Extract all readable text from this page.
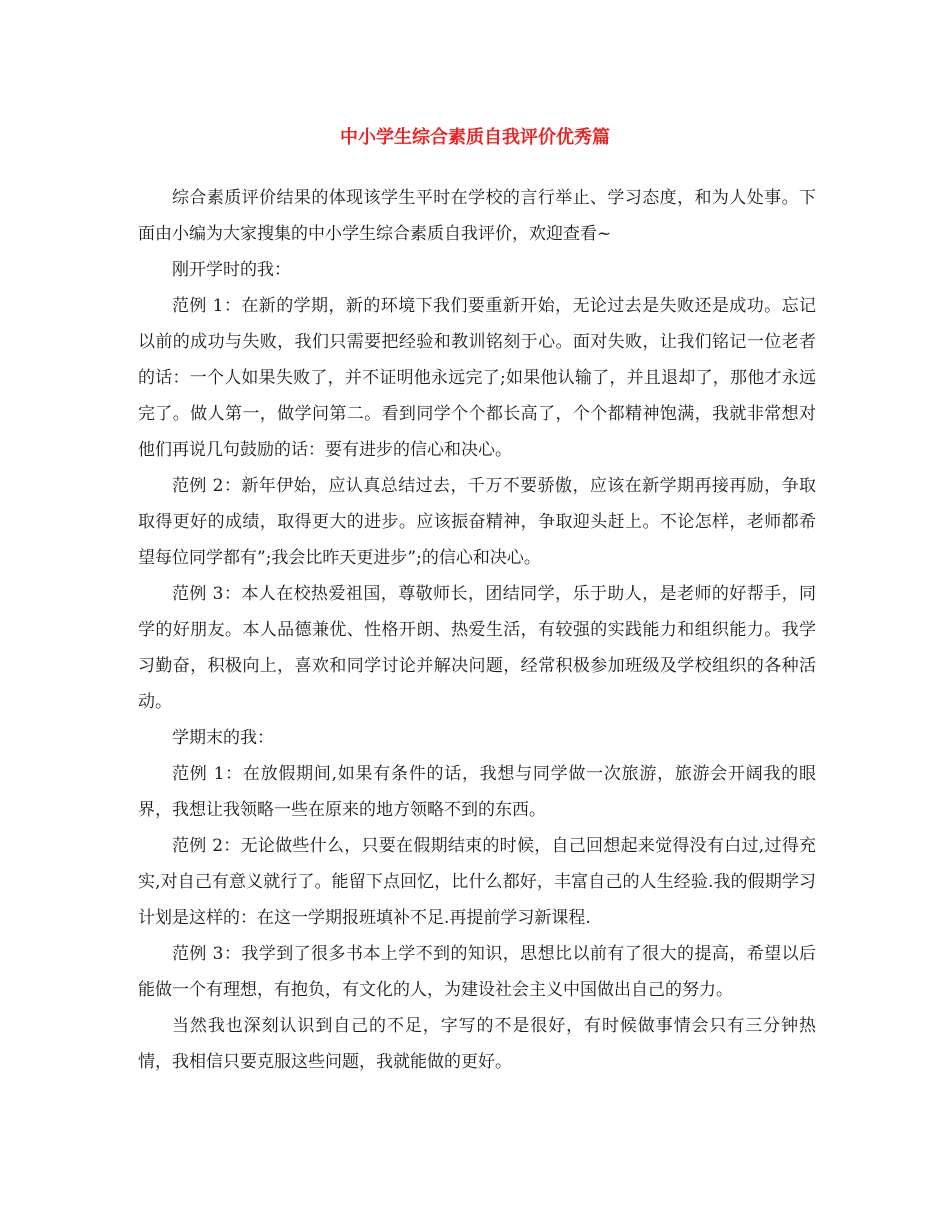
中小学生综合素质自我评价优秀篇

综合素质评价结果的体现该学生平时在学校的言行举止、学习态度，和为人处事。下面由小编为大家搜集的中小学生综合素质自我评价，欢迎查看~

刚开学时的我：

范例 1：在新的学期，新的环境下我们要重新开始，无论过去是失败还是成功。忘记以前的成功与失败，我们只需要把经验和教训铭刻于心。面对失败，让我们铭记一位老者的话：一个人如果失败了，并不证明他永远完了;如果他认输了，并且退却了，那他才永远完了。做人第一，做学问第二。看到同学个个都长高了，个个都精神饱满，我就非常想对他们再说几句鼓励的话：要有进步的信心和决心。

范例 2：新年伊始，应认真总结过去，千万不要骄傲，应该在新学期再接再励，争取取得更好的成绩，取得更大的进步。应该振奋精神，争取迎头赶上。不论怎样，老师都希望每位同学都有”;我会比昨天更进步”;的信心和决心。

范例 3：本人在校热爱祖国，尊敬师长，团结同学，乐于助人，是老师的好帮手，同学的好朋友。本人品德兼优、性格开朗、热爱生活，有较强的实践能力和组织能力。我学习勤奋，积极向上，喜欢和同学讨论并解决问题，经常积极参加班级及学校组织的各种活动。

学期末的我：

范例 1：在放假期间,如果有条件的话，我想与同学做一次旅游，旅游会开阔我的眼界，我想让我领略一些在原来的地方领略不到的东西。

范例 2：无论做些什么，只要在假期结束的时候，自己回想起来觉得没有白过,过得充实,对自己有意义就行了。能留下点回忆，比什么都好，丰富自己的人生经验.我的假期学习计划是这样的：在这一学期报班填补不足.再提前学习新课程.

范例 3：我学到了很多书本上学不到的知识，思想比以前有了很大的提高，希望以后能做一个有理想，有抱负，有文化的人，为建设社会主义中国做出自己的努力。

当然我也深刻认识到自己的不足，字写的不是很好，有时候做事情会只有三分钟热情，我相信只要克服这些问题，我就能做的更好。
